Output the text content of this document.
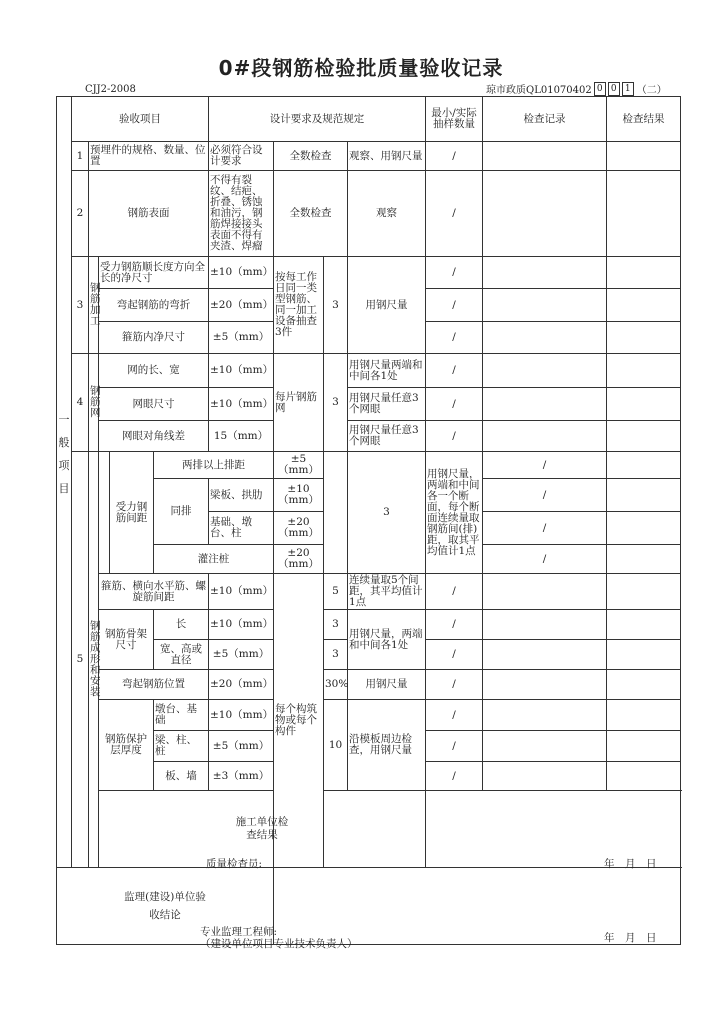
0#段钢筋检验批质量验收记录
CJJ2-2008	琼市政质QL01070402 0 0 1 （二）
	验收项目					设计要求及规范规定				最小/实际抽样数量	检查记录	检查结果	
	1	预埋件的规格、数量、位置				必须符合设计要求	全数检查		观察、用钢尺量	/			
	2	钢筋表面				不得有裂纹、结疤、折叠、锈蚀和油污，钢筋焊接接头表面不得有夹渣、焊瘤	全数检查		观察	/			
	3	钢筋加工	受力钢筋顺长度方向全长的净尺寸			±10（mm）	按每工作日同一类型钢筋、同一加工设备抽查3件	3	用钢尺量	/			
			弯起钢筋的弯折			±20（mm）				/			
			箍筋内净尺寸			±5（mm）				/			
	4	钢筋网	网的长、宽			±10（mm）	每片钢筋网	3	用钢尺量两端和中间各1处	/			
			网眼尺寸			±10（mm）			用钢尺量任意3个网眼	/			
			网眼对角线差			15（mm）			用钢尺量任意3个网眼	/			
	5	钢筋成形和安装		受力钢筋间距	两排以上排距		±5（mm）		3	用钢尺量，两端和中间各一个断面，每个断面连续量取钢筋间(排)距，取其平均值计1点	/		
					同排	梁板、拱肋	±10（mm）				/		
						基础、墩台、柱	±20（mm）				/		
					灌注桩		±20（mm）				/		
			箍筋、横向水平筋、螺旋筋间距			±10（mm）	每个构筑物或每个构件	5	连续量取5个间距，其平均值计1点	/			
			钢筋骨架尺寸		长	±10（mm）		3	用钢尺量，两端和中间各1处	/			
					宽、高或直径	±5（mm）		3		/			
			弯起钢筋位置			±20（mm）		30%	用钢尺量	/			
			钢筋保护层厚度		墩台、基础	±10（mm）		10	沿模板周边检查，用钢尺量	/			
					梁、柱、桩	±5（mm）				/			
					板、墙	±3（mm）				/			
			施工单位检查结果										
监理(建设)单位验收结论													
一般项目
质量检查员:	年　月　日
专业监理工程师:
（建设单位项目专业技术负责人）	年　月　日
